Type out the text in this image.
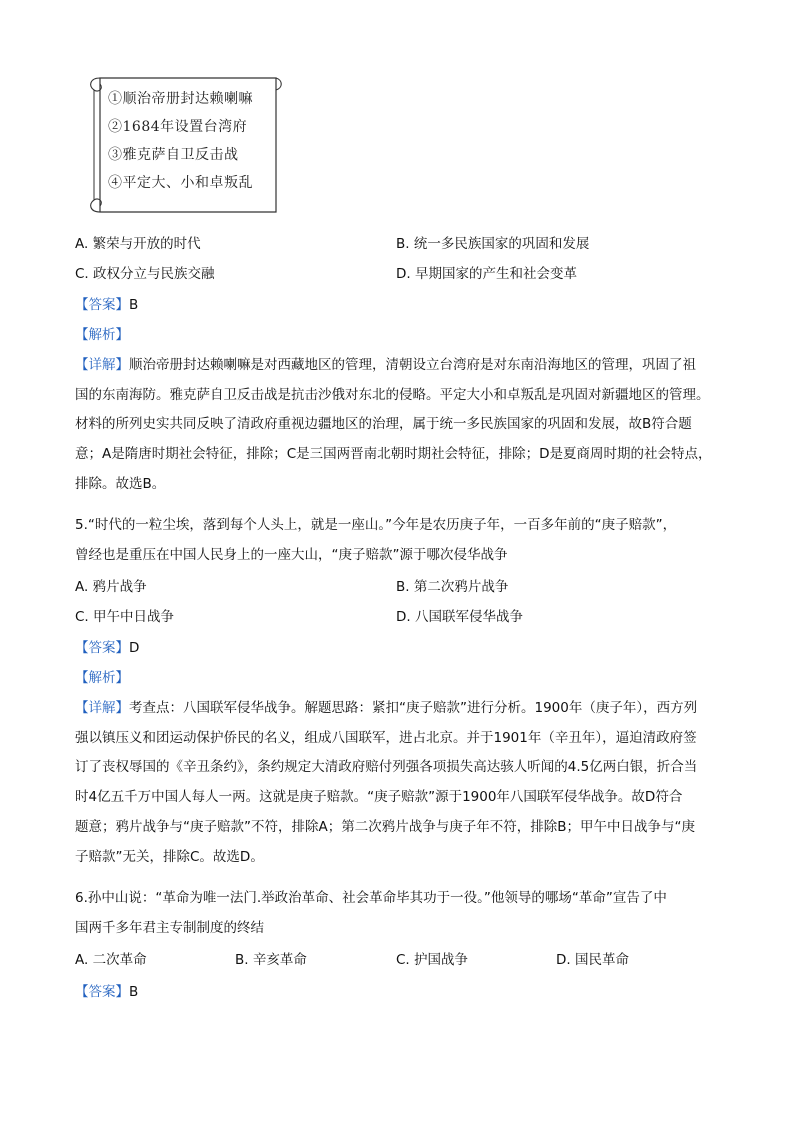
①顺治帝册封达赖喇嘛
②1684年设置台湾府
③雅克萨自卫反击战
④平定大、小和卓叛乱
A. 繁荣与开放的时代	B. 统一多民族国家的巩固和发展
C. 政权分立与民族交融	D. 早期国家的产生和社会变革
【答案】B
【解析】
【详解】顺治帝册封达赖喇嘛是对西藏地区的管理，清朝设立台湾府是对东南沿海地区的管理，巩固了祖
国的东南海防。雅克萨自卫反击战是抗击沙俄对东北的侵略。平定大小和卓叛乱是巩固对新疆地区的管理。
材料的所列史实共同反映了清政府重视边疆地区的治理，属于统一多民族国家的巩固和发展，故B符合题
意；A是隋唐时期社会特征，排除；C是三国两晋南北朝时期社会特征，排除；D是夏商周时期的社会特点，
排除。故选B。
5.“时代的一粒尘埃，落到每个人头上，就是一座山。”今年是农历庚子年，一百多年前的“庚子赔款”，
曾经也是重压在中国人民身上的一座大山，“庚子赔款”源于哪次侵华战争
A. 鸦片战争	B. 第二次鸦片战争
C. 甲午中日战争	D. 八国联军侵华战争
【答案】D
【解析】
【详解】考查点：八国联军侵华战争。解题思路：紧扣“庚子赔款”进行分析。1900年（庚子年），西方列
强以镇压义和团运动保护侨民的名义，组成八国联军，进占北京。并于1901年（辛丑年），逼迫清政府签
订了丧权辱国的《辛丑条约》，条约规定大清政府赔付列强各项损失高达骇人听闻的4.5亿两白银，折合当
时4亿五千万中国人每人一两。这就是庚子赔款。“庚子赔款”源于1900年八国联军侵华战争。故D符合
题意；鸦片战争与“庚子赔款”不符，排除A；第二次鸦片战争与庚子年不符，排除B；甲午中日战争与“庚
子赔款”无关，排除C。故选D。
6.孙中山说：“革命为唯一法门.举政治革命、社会革命毕其功于一役。”他领导的哪场“革命”宣告了中
国两千多年君主专制制度的终结
A. 二次革命	B. 辛亥革命	C. 护国战争	D. 国民革命
【答案】B
